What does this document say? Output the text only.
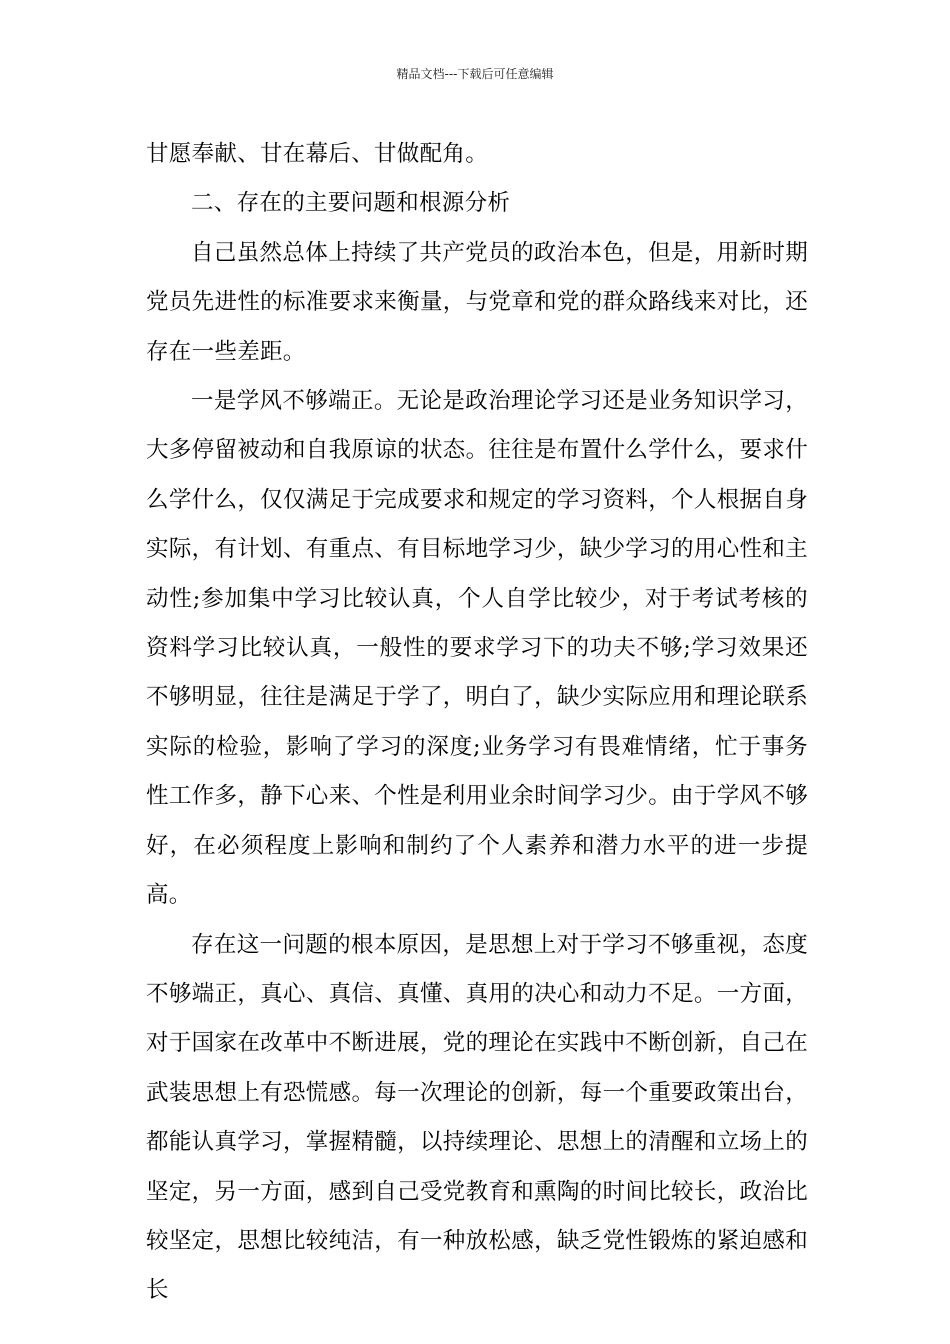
精品文档---下载后可任意编辑

甘愿奉献、甘在幕后、甘做配角。

二、存在的主要问题和根源分析

自己虽然总体上持续了共产党员的政治本色，但是，用新时期党员先进性的标准要求来衡量，与党章和党的群众路线来对比，还存在一些差距。

一是学风不够端正。无论是政治理论学习还是业务知识学习，大多停留被动和自我原谅的状态。往往是布置什么学什么，要求什么学什么，仅仅满足于完成要求和规定的学习资料，个人根据自身实际，有计划、有重点、有目标地学习少，缺少学习的用心性和主动性;参加集中学习比较认真，个人自学比较少，对于考试考核的资料学习比较认真，一般性的要求学习下的功夫不够;学习效果还不够明显，往往是满足于学了，明白了，缺少实际应用和理论联系实际的检验，影响了学习的深度;业务学习有畏难情绪，忙于事务性工作多，静下心来、个性是利用业余时间学习少。由于学风不够好，在必须程度上影响和制约了个人素养和潜力水平的进一步提高。

存在这一问题的根本原因，是思想上对于学习不够重视，态度不够端正，真心、真信、真懂、真用的决心和动力不足。一方面，对于国家在改革中不断进展，党的理论在实践中不断创新，自己在武装思想上有恐慌感。每一次理论的创新，每一个重要政策出台，都能认真学习，掌握精髓，以持续理论、思想上的清醒和立场上的坚定，另一方面，感到自己受党教育和熏陶的时间比较长，政治比较坚定，思想比较纯洁，有一种放松感，缺乏党性锻炼的紧迫感和长
